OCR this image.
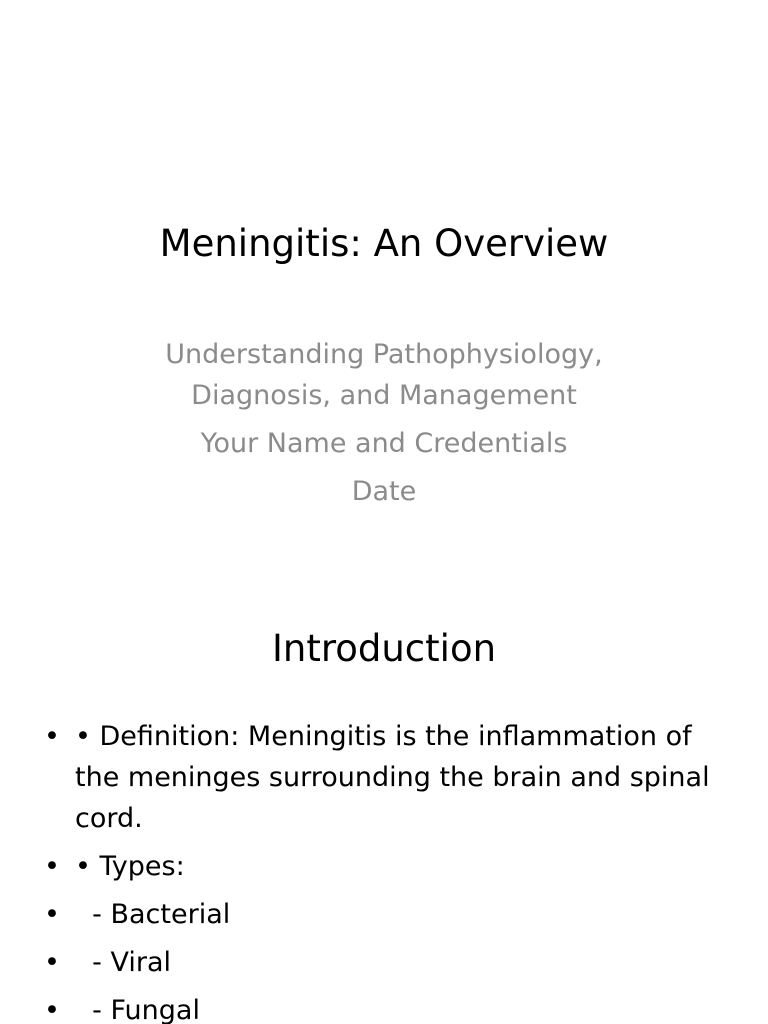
Meningitis: An Overview

Understanding Pathophysiology, Diagnosis, and Management

Your Name and Credentials

Date

Introduction
• • Definition: Meningitis is the inflammation of the meninges surrounding the brain and spinal cord.
• • Types:
• - Bacterial
• - Viral
• - Fungal
